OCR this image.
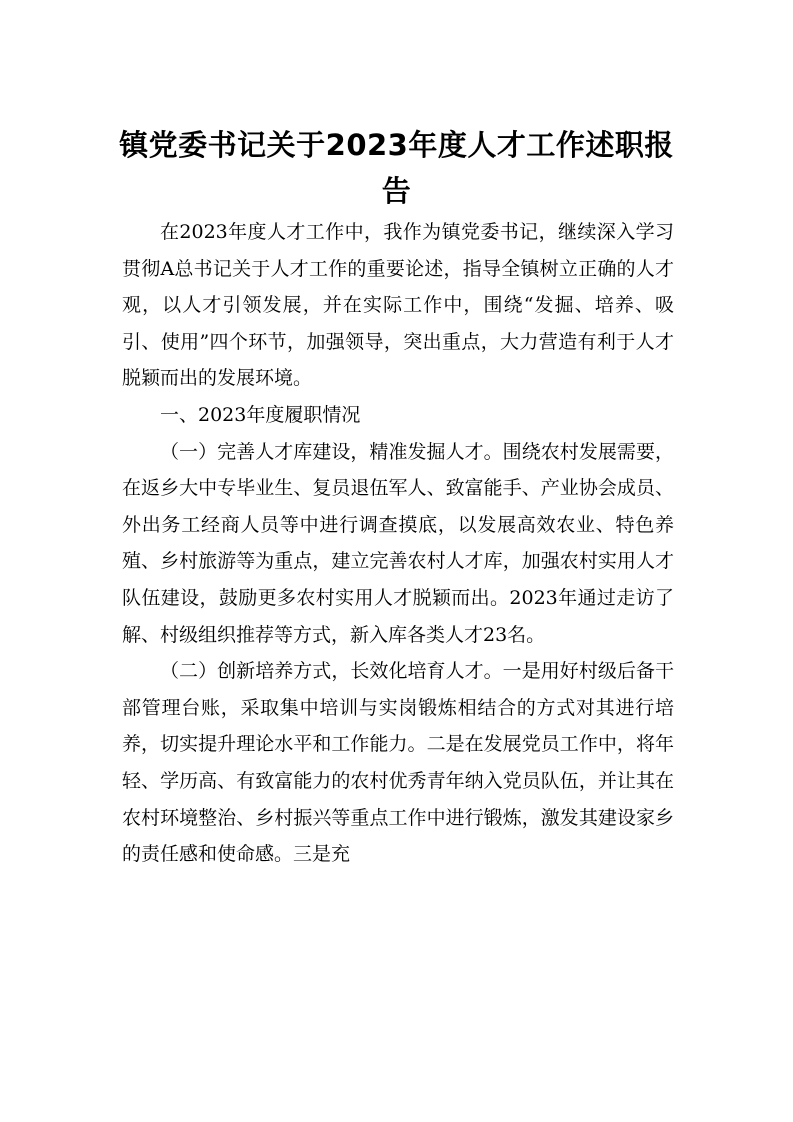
镇党委书记关于2023年度人才工作述职报告

在2023年度人才工作中，我作为镇党委书记，继续深入学习贯彻A总书记关于人才工作的重要论述，指导全镇树立正确的人才观，以人才引领发展，并在实际工作中，围绕“发掘、培养、吸引、使用”四个环节，加强领导，突出重点，大力营造有利于人才脱颖而出的发展环境。

一、2023年度履职情况

（一）完善人才库建设，精准发掘人才。围绕农村发展需要，在返乡大中专毕业生、复员退伍军人、致富能手、产业协会成员、外出务工经商人员等中进行调查摸底，以发展高效农业、特色养殖、乡村旅游等为重点，建立完善农村人才库，加强农村实用人才队伍建设，鼓励更多农村实用人才脱颖而出。2023年通过走访了解、村级组织推荐等方式，新入库各类人才23名。

（二）创新培养方式，长效化培育人才。一是用好村级后备干部管理台账，采取集中培训与实岗锻炼相结合的方式对其进行培养，切实提升理论水平和工作能力。二是在发展党员工作中，将年轻、学历高、有致富能力的农村优秀青年纳入党员队伍，并让其在农村环境整治、乡村振兴等重点工作中进行锻炼，激发其建设家乡的责任感和使命感。三是充
